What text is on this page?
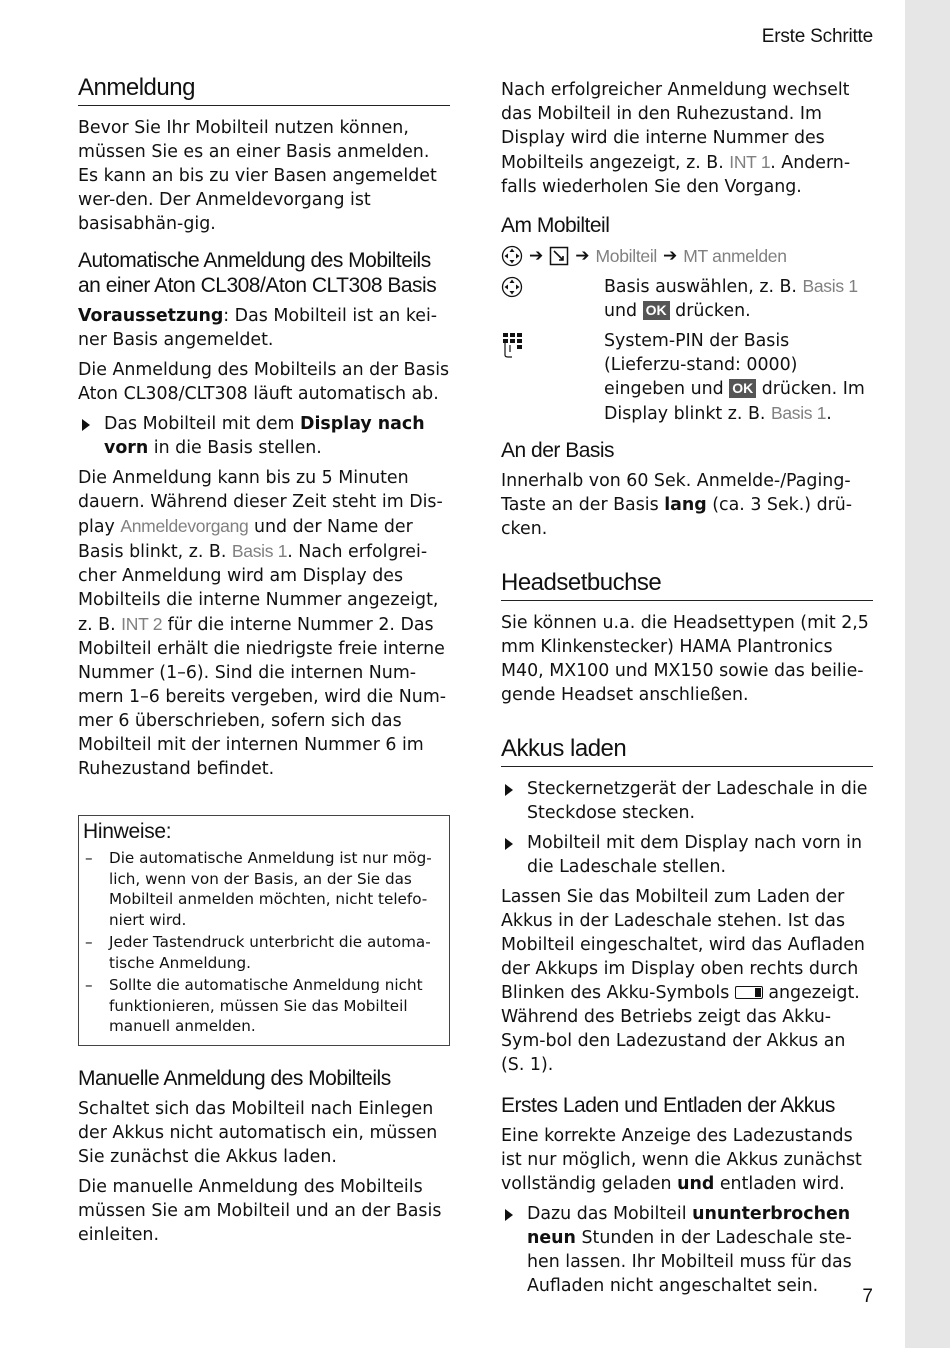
Erste Schritte
Anmeldung

Bevor Sie Ihr Mobilteil nutzen können, müssen Sie es an einer Basis anmelden. Es kann an bis zu vier Basen angemeldet wer-den. Der Anmeldevorgang ist basisabhän-gig.

Automatische Anmeldung des Mobilteils an einer Aton CL308/Aton CLT308 Basis

Voraussetzung: Das Mobilteil ist an kei-ner Basis angemeldet.

Die Anmeldung des Mobilteils an der Basis Aton CL308/CLT308 läuft automatisch ab.

Das Mobilteil mit dem Display nach vorn in die Basis stellen.

Die Anmeldung kann bis zu 5 Minuten dauern. Während dieser Zeit steht im Dis-play Anmeldevorgang und der Name der Basis blinkt, z. B. Basis 1. Nach erfolgrei-cher Anmeldung wird am Display des Mobilteils die interne Nummer angezeigt, z. B. INT 2 für die interne Nummer 2. Das Mobilteil erhält die niedrigste freie interne Nummer (1–6). Sind die internen Num-mern 1–6 bereits vergeben, wird die Num-mer 6 überschrieben, sofern sich das Mobilteil mit der internen Nummer 6 im Ruhezustand befindet.

Hinweise:
– Die automatische Anmeldung ist nur mög-lich, wenn von der Basis, an der Sie das Mobilteil anmelden möchten, nicht telefo-niert wird.
– Jeder Tastendruck unterbricht die automa-tische Anmeldung.
– Sollte die automatische Anmeldung nicht funktionieren, müssen Sie das Mobilteil manuell anmelden.
Manuelle Anmeldung des Mobilteils

Schaltet sich das Mobilteil nach Einlegen der Akkus nicht automatisch ein, müssen Sie zunächst die Akkus laden.

Die manuelle Anmeldung des Mobilteils müssen Sie am Mobilteil und an der Basis einleiten.

Nach erfolgreicher Anmeldung wechselt das Mobilteil in den Ruhezustand. Im Display wird die interne Nummer des Mobilteils angezeigt, z. B. INT 1. Andern-falls wiederholen Sie den Vorgang.

Am Mobilteil
➔ ➔ Mobilteil ➔ MT anmelden
Basis auswählen, z. B. Basis 1 und OK drücken.
System-PIN der Basis (Lieferzu-stand: 0000) eingeben und OK drücken. Im Display blinkt z. B. Basis 1.
An der Basis

Innerhalb von 60 Sek. Anmelde-/Paging-Taste an der Basis lang (ca. 3 Sek.) drü-cken.

Headsetbuchse

Sie können u.a. die Headsettypen (mit 2,5 mm Klinkenstecker) HAMA Plantronics M40, MX100 und MX150 sowie das beilie-gende Headset anschließen.

Akkus laden
Steckernetzgerät der Ladeschale in die Steckdose stecken.
Mobilteil mit dem Display nach vorn in die Ladeschale stellen.

Lassen Sie das Mobilteil zum Laden der Akkus in der Ladeschale stehen. Ist das Mobilteil eingeschaltet, wird das Aufladen der Akkups im Display oben rechts durch Blinken des Akku-Symbols  angezeigt. Während des Betriebs zeigt das Akku-Sym-bol den Ladezustand der Akkus an (S. 1).

Erstes Laden und Entladen der Akkus

Eine korrekte Anzeige des Ladezustands ist nur möglich, wenn die Akkus zunächst vollständig geladen und entladen wird.

Dazu das Mobilteil ununterbrochen neun Stunden in der Ladeschale ste-hen lassen. Ihr Mobilteil muss für das Aufladen nicht angeschaltet sein.	7
